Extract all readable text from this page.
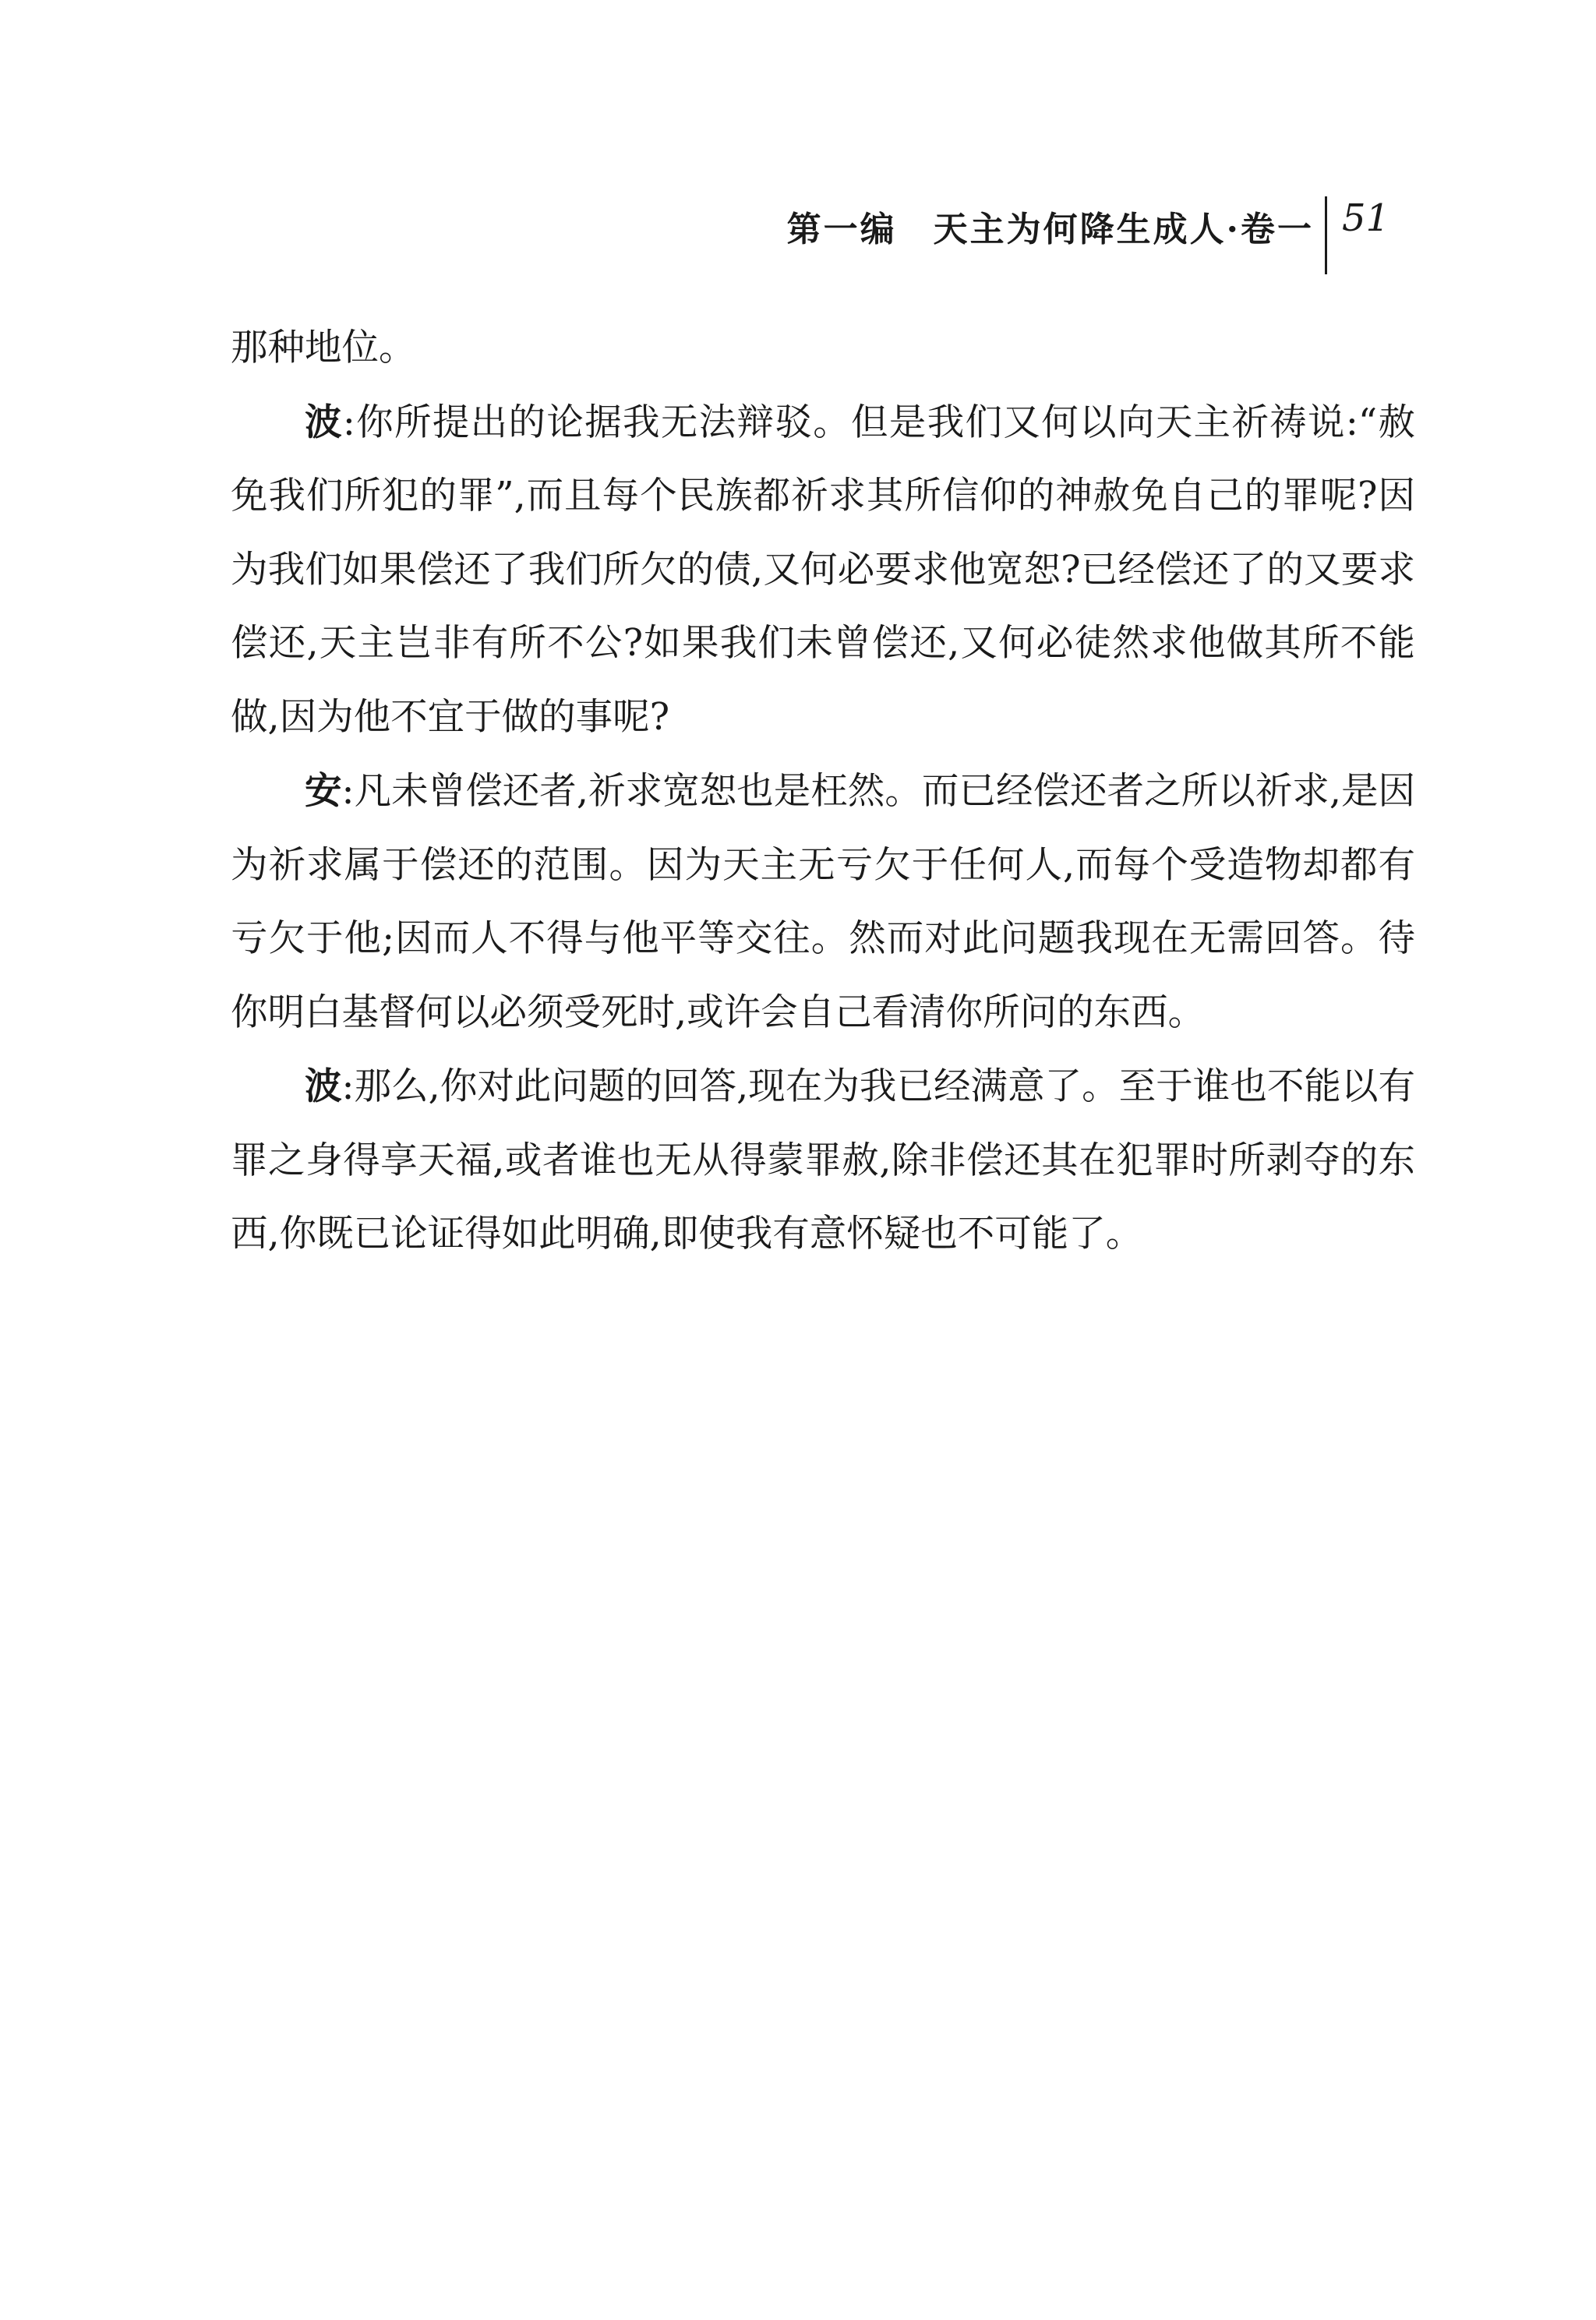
第一编　天主为何降生成人·卷一 51

那种地位。

波:你所提出的论据我无法辩驳。但是我们又何以向天主祈祷说:“赦免我们所犯的罪”,而且每个民族都祈求其所信仰的神赦免自己的罪呢?因为我们如果偿还了我们所欠的债,又何必要求他宽恕?已经偿还了的又要求偿还,天主岂非有所不公?如果我们未曾偿还,又何必徒然求他做其所不能做,因为他不宜于做的事呢?

安:凡未曾偿还者,祈求宽恕也是枉然。而已经偿还者之所以祈求,是因为祈求属于偿还的范围。因为天主无亏欠于任何人,而每个受造物却都有亏欠于他;因而人不得与他平等交往。然而对此问题我现在无需回答。待你明白基督何以必须受死时,或许会自己看清你所问的东西。

波:那么,你对此问题的回答,现在为我已经满意了。至于谁也不能以有罪之身得享天福,或者谁也无从得蒙罪赦,除非偿还其在犯罪时所剥夺的东西,你既已论证得如此明确,即使我有意怀疑也不可能了。
